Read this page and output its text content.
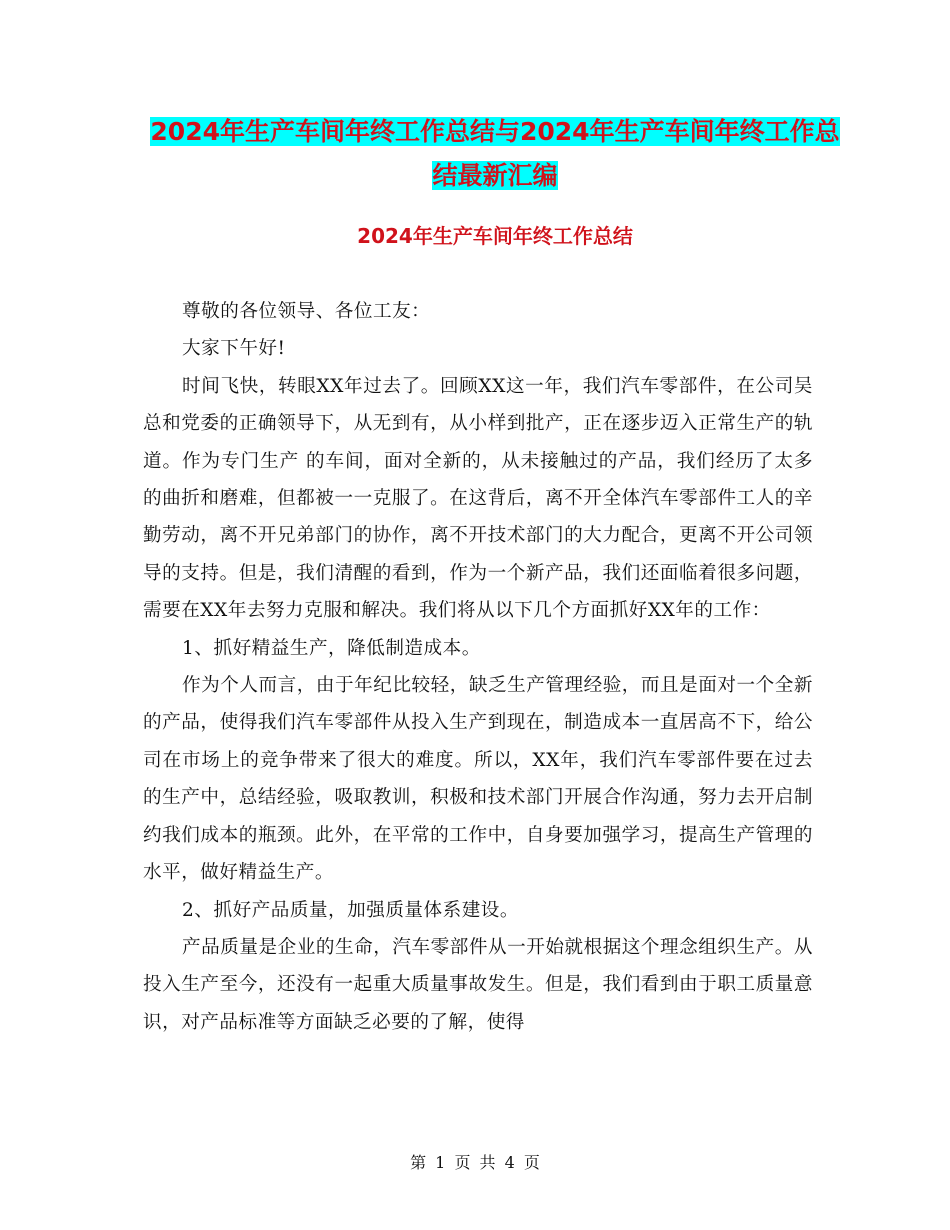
2024年生产车间年终工作总结与2024年生产车间年终工作总结最新汇编
2024年生产车间年终工作总结

尊敬的各位领导、各位工友：

大家下午好!

时间飞快，转眼XX年过去了。回顾XX这一年，我们汽车零部件，在公司吴总和党委的正确领导下，从无到有，从小样到批产，正在逐步迈入正常生产的轨道。作为专门生产 的车间，面对全新的，从未接触过的产品，我们经历了太多的曲折和磨难，但都被一一克服了。在这背后，离不开全体汽车零部件工人的辛勤劳动，离不开兄弟部门的协作，离不开技术部门的大力配合，更离不开公司领导的支持。但是，我们清醒的看到，作为一个新产品，我们还面临着很多问题，需要在XX年去努力克服和解决。我们将从以下几个方面抓好XX年的工作：

1、抓好精益生产，降低制造成本。

作为个人而言，由于年纪比较轻，缺乏生产管理经验，而且是面对一个全新的产品，使得我们汽车零部件从投入生产到现在，制造成本一直居高不下，给公司在市场上的竞争带来了很大的难度。所以，XX年，我们汽车零部件要在过去的生产中，总结经验，吸取教训，积极和技术部门开展合作沟通，努力去开启制约我们成本的瓶颈。此外，在平常的工作中，自身要加强学习，提高生产管理的水平，做好精益生产。

2、抓好产品质量，加强质量体系建设。

产品质量是企业的生命，汽车零部件从一开始就根据这个理念组织生产。从投入生产至今，还没有一起重大质量事故发生。但是，我们看到由于职工质量意识，对产品标准等方面缺乏必要的了解，使得

第 1 页 共 4 页
